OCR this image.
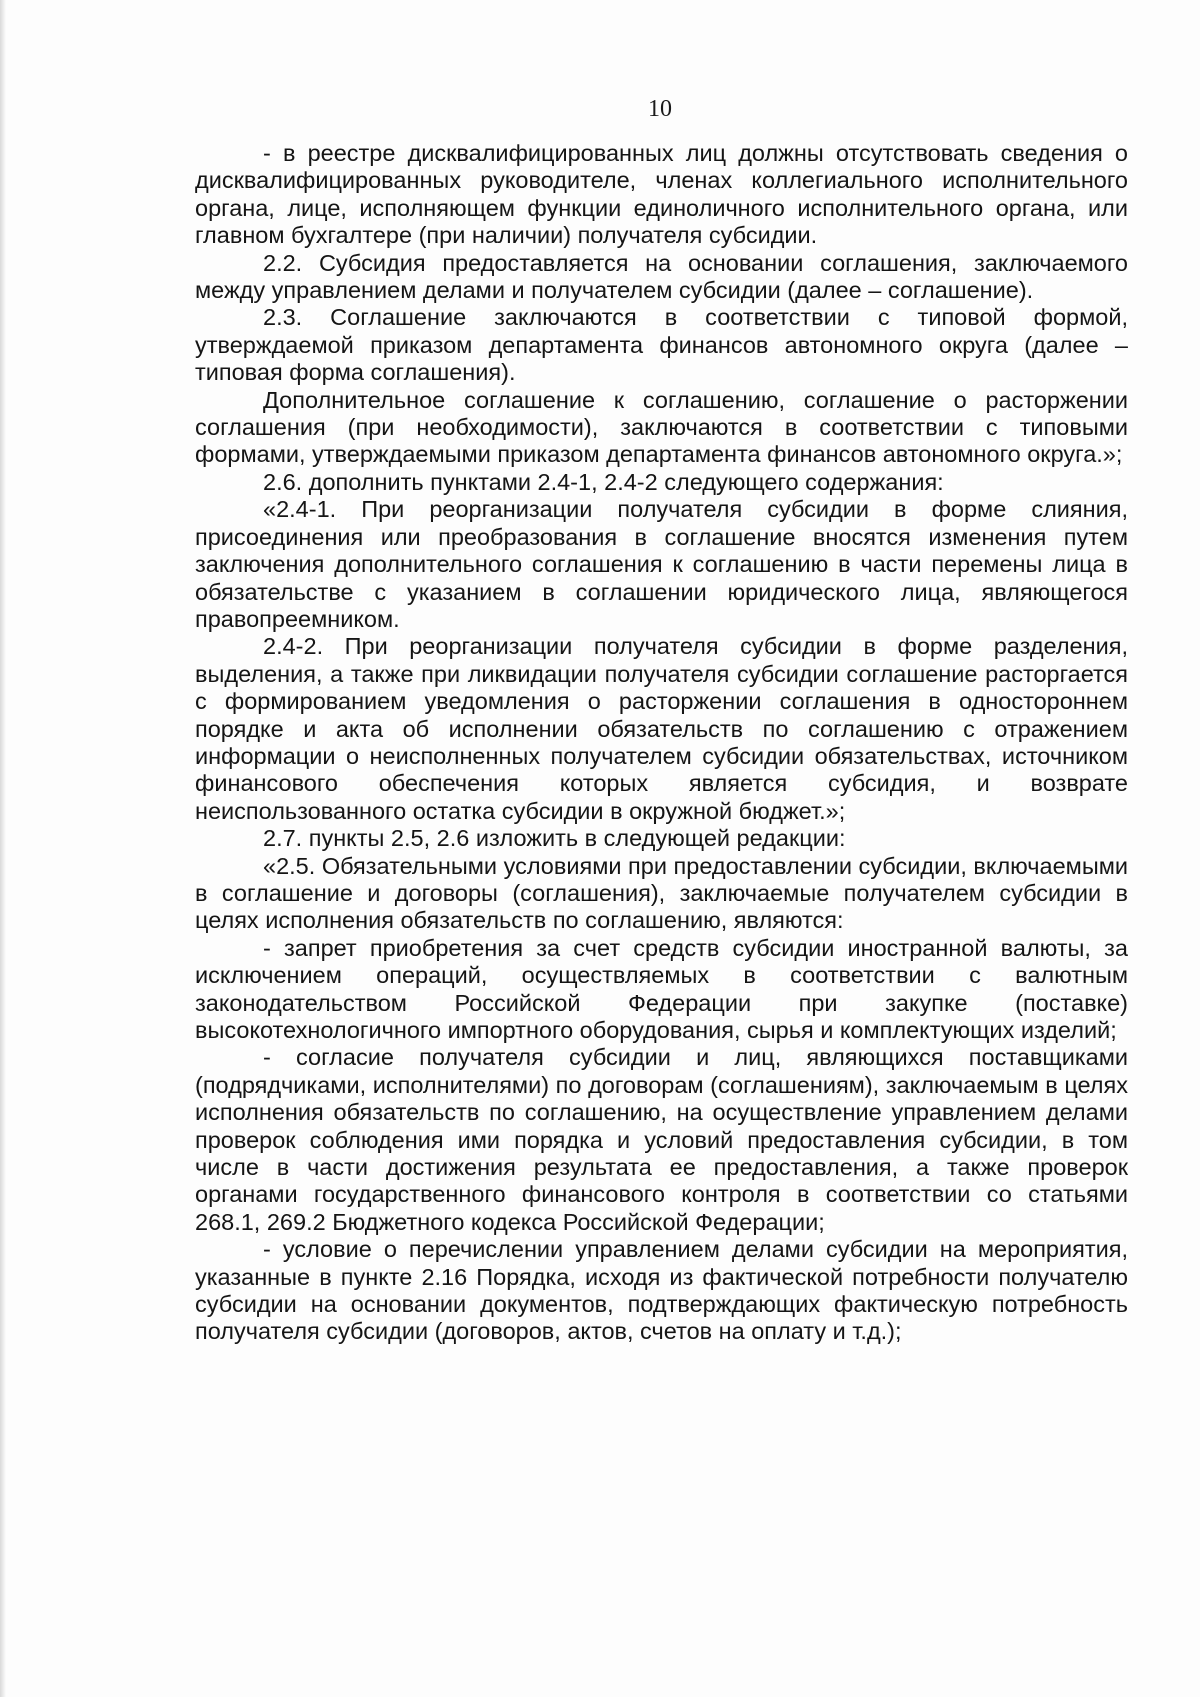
10

- в реестре дисквалифицированных лиц должны отсутствовать сведения о дисквалифицированных руководителе, членах коллегиального исполнительного органа, лице, исполняющем функции единоличного исполнительного органа, или главном бухгалтере (при наличии) получателя субсидии.

2.2. Субсидия предоставляется на основании соглашения, заключаемого между управлением делами и получателем субсидии (далее – соглашение).

2.3. Соглашение заключаются в соответствии с типовой формой, утверждаемой приказом департамента финансов автономного округа (далее – типовая форма соглашения).

Дополнительное соглашение к соглашению, соглашение о расторжении соглашения (при необходимости), заключаются в соответствии с типовыми формами, утверждаемыми приказом департамента финансов автономного округа.»;

2.6. дополнить пунктами 2.4-1, 2.4-2 следующего содержания:

«2.4-1. При реорганизации получателя субсидии в форме слияния, присоединения или преобразования в соглашение вносятся изменения путем заключения дополнительного соглашения к соглашению в части перемены лица в обязательстве с указанием в соглашении юридического лица, являющегося правопреемником.

2.4-2. При реорганизации получателя субсидии в форме разделения, выделения, а также при ликвидации получателя субсидии соглашение расторгается с формированием уведомления о расторжении соглашения в одностороннем порядке и акта об исполнении обязательств по соглашению с отражением информации о неисполненных получателем субсидии обязательствах, источником финансового обеспечения которых является субсидия, и возврате неиспользованного остатка субсидии в окружной бюджет.»;

2.7. пункты 2.5, 2.6 изложить в следующей редакции:

«2.5. Обязательными условиями при предоставлении субсидии, включаемыми в соглашение и договоры (соглашения), заключаемые получателем субсидии в целях исполнения обязательств по соглашению, являются:

- запрет приобретения за счет средств субсидии иностранной валюты, за исключением операций, осуществляемых в соответствии с валютным законодательством Российской Федерации при закупке (поставке) высокотехнологичного импортного оборудования, сырья и комплектующих изделий;

- согласие получателя субсидии и лиц, являющихся поставщиками (подрядчиками, исполнителями) по договорам (соглашениям), заключаемым в целях исполнения обязательств по соглашению, на осуществление управлением делами проверок соблюдения ими порядка и условий предоставления субсидии, в том числе в части достижения результата ее предоставления, а также проверок органами государственного финансового контроля в соответствии со статьями 268.1, 269.2 Бюджетного кодекса Российской Федерации;

- условие о перечислении управлением делами субсидии на мероприятия, указанные в пункте 2.16 Порядка, исходя из фактической потребности получателю субсидии на основании документов, подтверждающих фактическую потребность получателя субсидии (договоров, актов, счетов на оплату и т.д.);
